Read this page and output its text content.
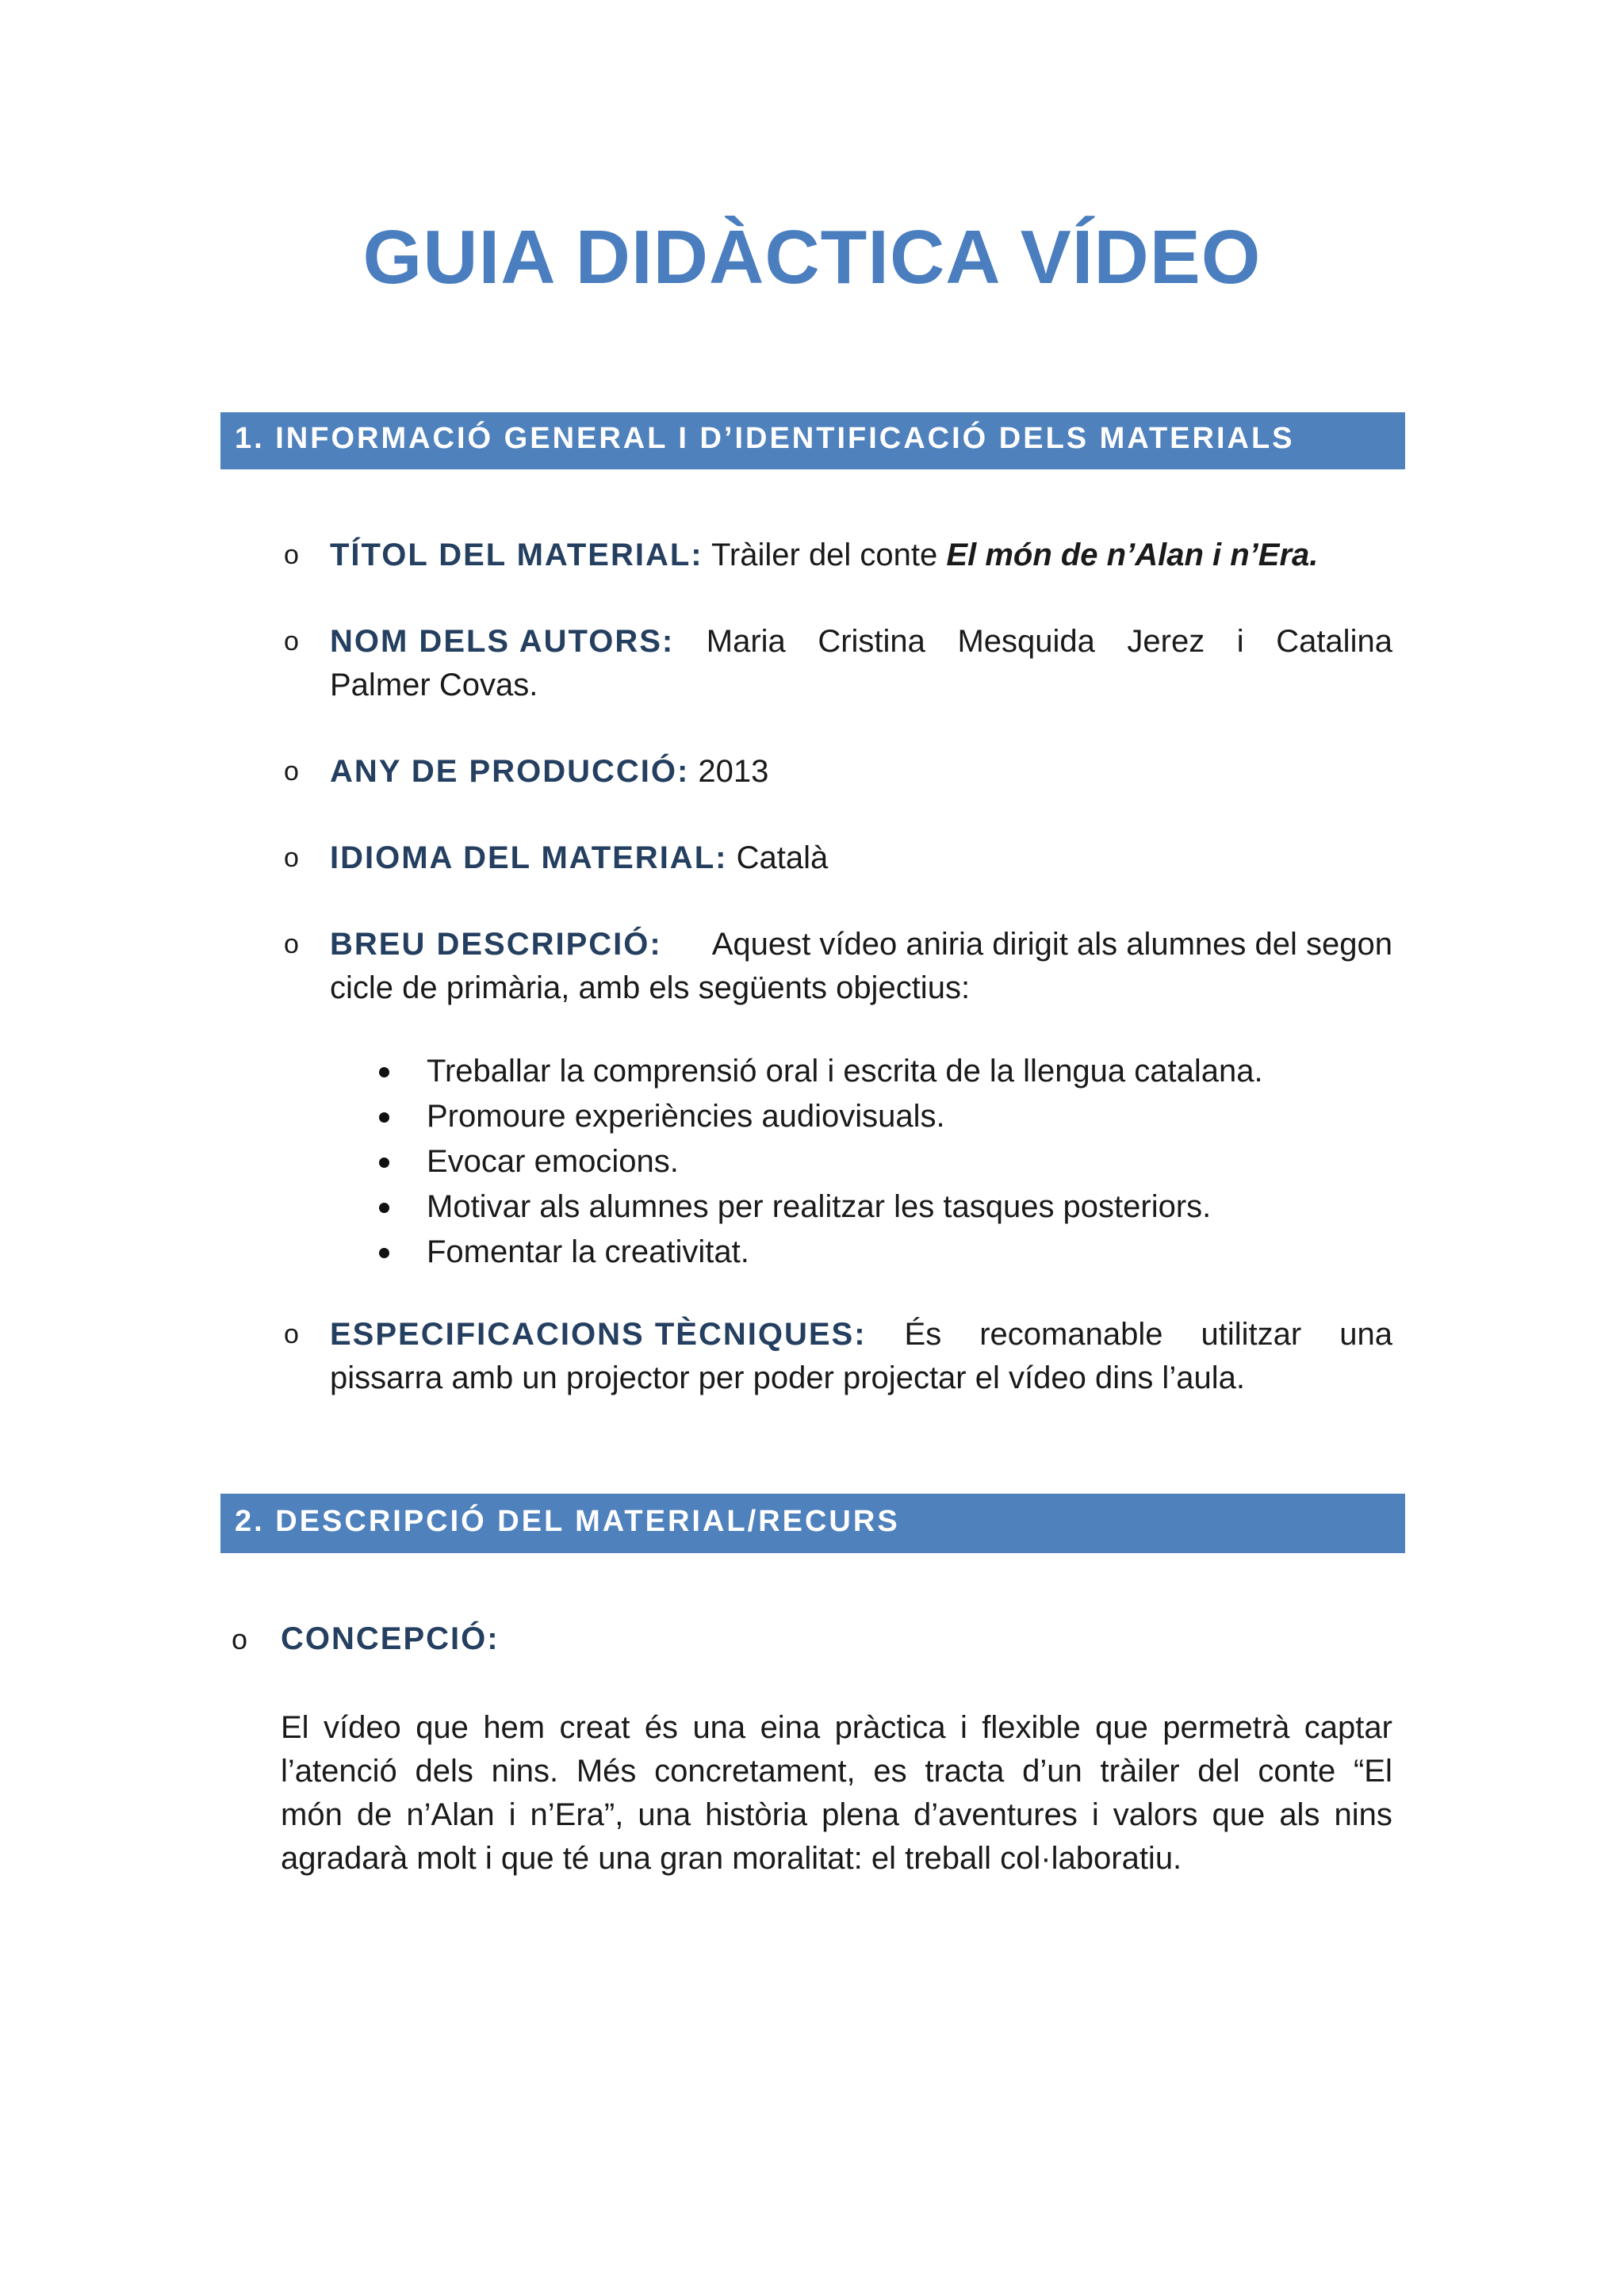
GUIA DIDÀCTICA VÍDEO
1. INFORMACIÓ GENERAL I D’IDENTIFICACIÓ DELS MATERIALS
o TÍTOL DEL MATERIAL: Tràiler del conte El món de n’Alan i n’Era.
o NOM DELS AUTORS: Maria Cristina Mesquida Jerez i Catalina
Palmer Covas.
o ANY DE PRODUCCIÓ: 2013
o IDIOMA DEL MATERIAL: Català
o BREU DESCRIPCIÓ: Aquest vídeo aniria dirigit als alumnes del segon
cicle de primària, amb els següents objectius:
Treballar la comprensió oral i escrita de la llengua catalana.
Promoure experiències audiovisuals.
Evocar emocions.
Motivar als alumnes per realitzar les tasques posteriors.
Fomentar la creativitat.
o ESPECIFICACIONS TÈCNIQUES: És recomanable utilitzar una
pissarra amb un projector per poder projectar el vídeo dins l’aula.
2. DESCRIPCIÓ DEL MATERIAL/RECURS
o CONCEPCIÓ:
El vídeo que hem creat és una eina pràctica i flexible que permetrà captar
l’atenció dels nins. Més concretament, es tracta d’un tràiler del conte “El
món de n’Alan i n’Era”, una història plena d’aventures i valors que als nins
agradarà molt i que té una gran moralitat: el treball col·laboratiu.
